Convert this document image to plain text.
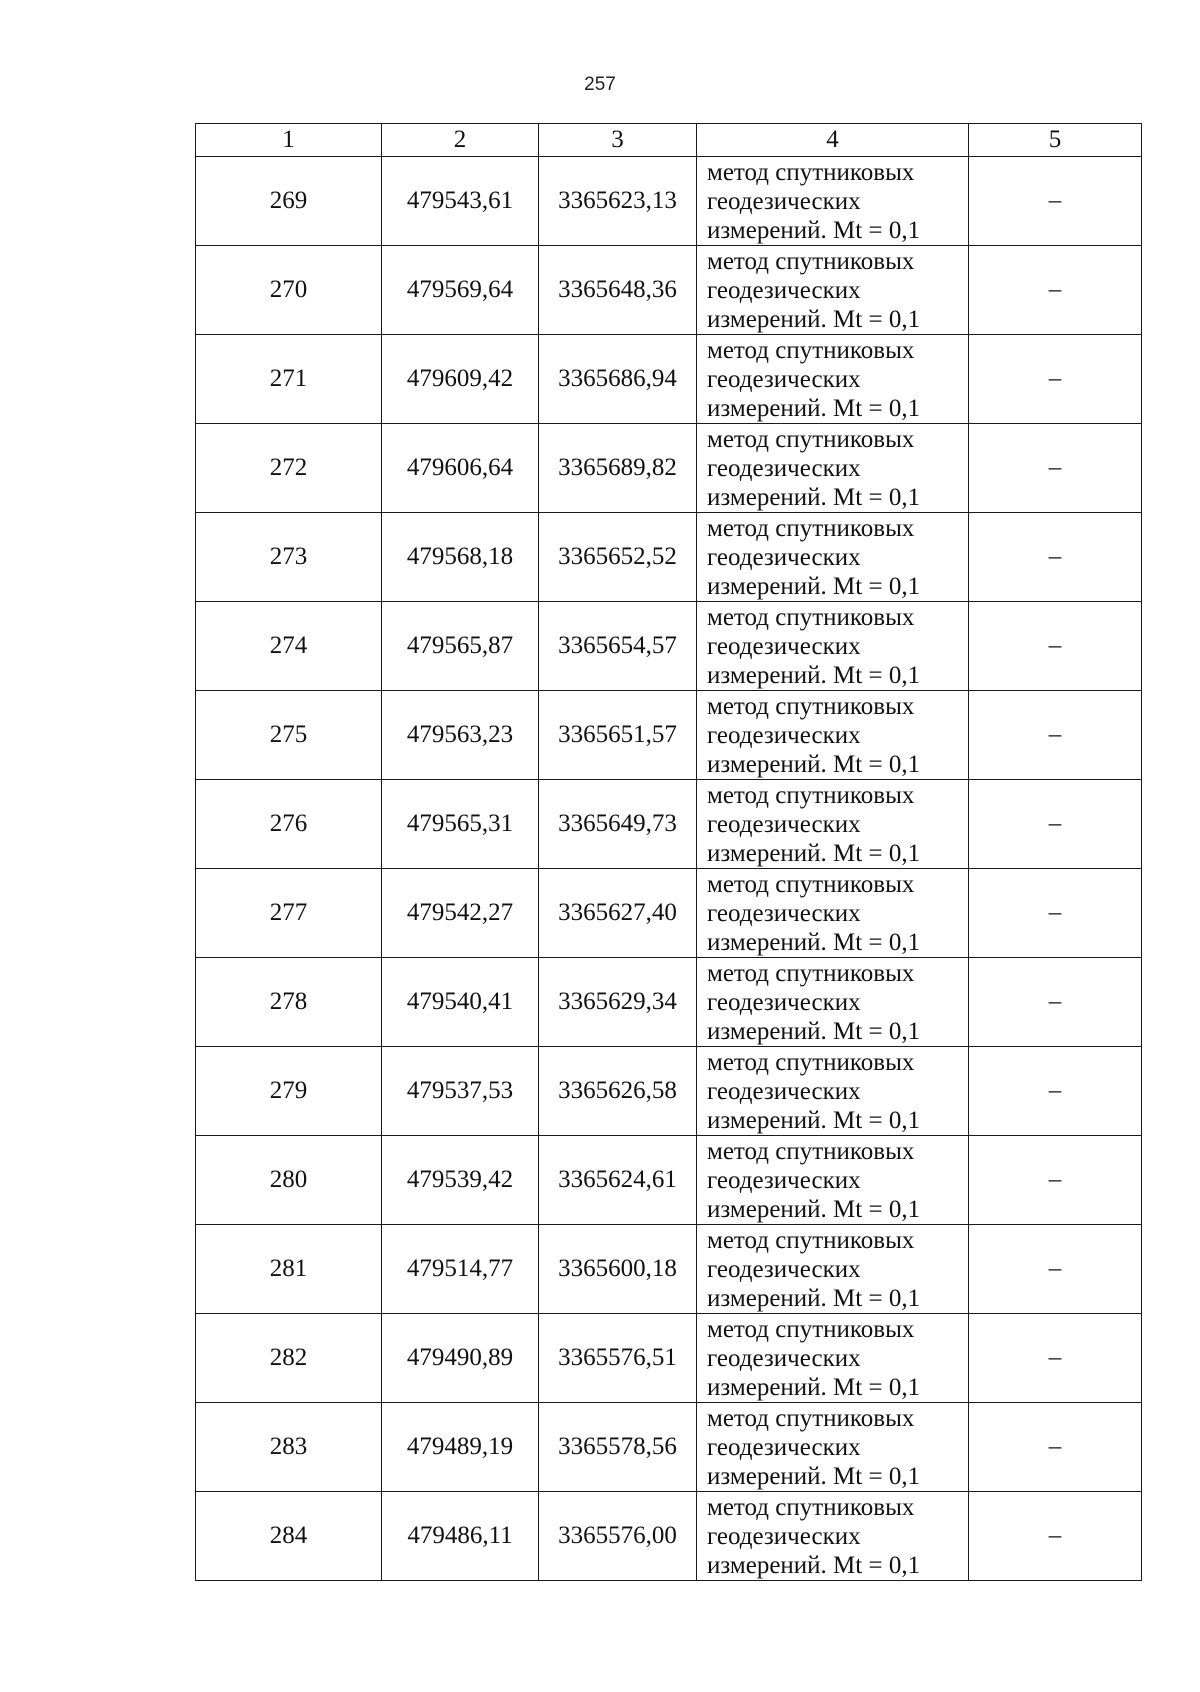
257
1	2	3	4	5
269	479543,61	3365623,13	метод спутниковых
геодезических
измерений. Mt = 0,1	–
270	479569,64	3365648,36	метод спутниковых
геодезических
измерений. Mt = 0,1	–
271	479609,42	3365686,94	метод спутниковых
геодезических
измерений. Mt = 0,1	–
272	479606,64	3365689,82	метод спутниковых
геодезических
измерений. Mt = 0,1	–
273	479568,18	3365652,52	метод спутниковых
геодезических
измерений. Mt = 0,1	–
274	479565,87	3365654,57	метод спутниковых
геодезических
измерений. Mt = 0,1	–
275	479563,23	3365651,57	метод спутниковых
геодезических
измерений. Mt = 0,1	–
276	479565,31	3365649,73	метод спутниковых
геодезических
измерений. Mt = 0,1	–
277	479542,27	3365627,40	метод спутниковых
геодезических
измерений. Mt = 0,1	–
278	479540,41	3365629,34	метод спутниковых
геодезических
измерений. Mt = 0,1	–
279	479537,53	3365626,58	метод спутниковых
геодезических
измерений. Mt = 0,1	–
280	479539,42	3365624,61	метод спутниковых
геодезических
измерений. Mt = 0,1	–
281	479514,77	3365600,18	метод спутниковых
геодезических
измерений. Mt = 0,1	–
282	479490,89	3365576,51	метод спутниковых
геодезических
измерений. Mt = 0,1	–
283	479489,19	3365578,56	метод спутниковых
геодезических
измерений. Mt = 0,1	–
284	479486,11	3365576,00	метод спутниковых
геодезических
измерений. Mt = 0,1	–
